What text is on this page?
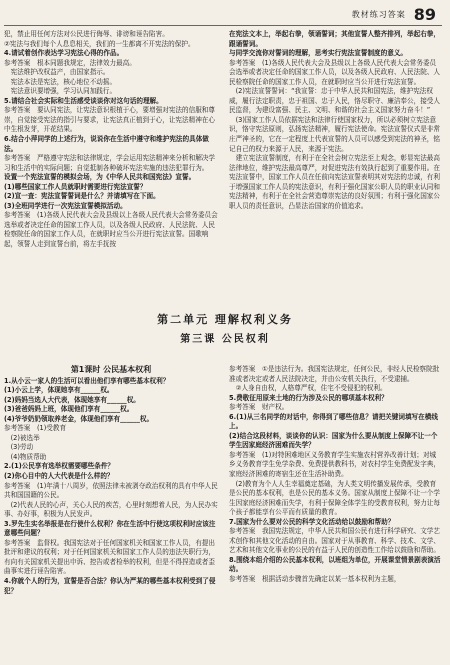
教材练习答案 89

犯，禁止用任何方法对公民进行侮辱、诽谤和诬告陷害。

②宪法与我们每个人息息相关，我们的一生都离不开宪法的保护。

4.请试着创作表达学习宪法心得的作品。

参考答案　根本同题我规定，法律效力最高。

　宪法维护改权益产，由国家指示。

　宪法本法是宪法，核心地位不动摇。

　宪法意识要增强，学习认同加践行。

5.请结合社会实际和生活感受谈谈你对这句话的理解。

参考答案　要认同宪法，让宪法意识根植于心，要增强对宪法的信服和尊崇，自觉接受宪法的指引与要求，让宪法真正植到于心，让宪法精神在心中生根发芽，开花结果。

6.结合小萍同学的上述行为，说说你在生活中遵守和维护宪法的具体做法。

参考答案　严格遵守宪法和法律规定，学会运用宪法精神来分析和解决学习和生活中的实际问题；自觉抵制各种破坏宪法实施的违法犯罪行为。

设置一个宪法宣誓的模拟会场，为《中华人民共和国宪法》宣誓。

(1)哪些国家工作人员就职时需要进行宪法宣誓？

(2)宣一查：宪法宣誓誓词是什么？并请填写在下面。

(3)全班同学进行一次宪法宣誓模拟活动。

参考答案　(1)各级人民代表大会及县级以上各级人民代表大会常务委员会选举或者决定任命的国家工作人员，以及各级人民政府、人民法院、人民检察院任命的国家工作人员，在就职时应当公开进行宪法宣誓。国歌响起，领誓人走到宣誓台前，将左手抚按

在宪法文本上，举起右拳，领诵誓词；其他宣誓人整齐排列，举起右拳，跟诵誓词。

与同学交流你对誓词的理解，思考实行宪法宣誓制度的意义。

参考答案　(1)各级人民代表大会及县级以上各级人民代表大会常务委员会选举或者决定任命的国家工作人员，以及各级人民政府、人民法院、人民检察院任命的国家工作人员，在就职时应当公开进行宪法宣誓。

　(2)宪法宣誓誓词：“我宣誓：忠于中华人民共和国宪法，维护宪法权威，履行法定职责，忠于祖国、忠于人民，恪尽职守、廉洁奉公，接受人民监督，为建设富强、民主、文明、和谐的社会主义国家努力奋斗！”

　(3)国家工作人员依据宪法和法律行使国家权力，所以必须树立宪法意识，恪守宪法原则，弘扬宪法精神，履行宪法使命。宪法宣誓仪式是非常庄严神圣的，它在一定程度上代表宣誓的人员可以感受到宪法的神圣，铭记自己的权力来源于人民，来源于宪法。

　建立宪法宣誓制度，有利于在全社会树立宪法至上观念，彰显宪法最高法律地位，维护宪法最高尊严，对促进宪法有效执行起到了重要作用。在宪法宣誓中，国家工作人员在任前向宪法宣誓表明其对宪法的忠诚，有利于增强国家工作人员的宪法意识，有利于强化国家公职人员的职业认同和宪法精神，有利于在全社会营造尊崇宪法的良好氛围；有利于强化国家公职人员的责任意识，凸显法治国家的价值追求。

第二单元 理解权利义务
第三课 公民权利
第1课时 公民基本权利

1.从小云一家人的生活可以看出他们享有哪些基本权利？

(1)小云上学，体现她享有______权。

(2)妈妈当选人大代表，体现她享有______权。

(3)爸爸妈妈上班，体现他们享有______权。

(4)爷爷奶奶领取养老金，体现他们享有______权。

参考答案　(1)受教育

　(2)被选举

　(3)劳动

　(4)物质帮助

2.(1)公民享有选举权需要哪些条件？

(2)你心目中的人大代表是什么样的？

参考答案　(1)年满十八周岁，依照法律未被剥夺政治权利的具有中华人民共和国国籍的公民。

　(2)代表人民的心声，关心人民的疾苦，心里时刻想着人民，为人民办实事、办好事，积极为人民发声。

3.罗先生实名举报是在行使什么权利？你在生活中行使这项权利时应该注意哪些问题？

参考答案　监督权。我国宪法对于任何国家机关和国家工作人员，有提出批评和建议的权利；对于任何国家机关和国家工作人员的违法失职行为，有向有关国家机关提出申诉、控告或者检举的权利，但是不得捏造或者歪曲事实进行诬告陷害。

4.你就个人的行为，宣誓是否合法？你认为严某的哪些基本权利受到了侵犯？

参考答案　①是违法行为。我国宪法规定，任何公民，非经人民检察院批准或者决定或者人民法院决定，并由公安机关执行，不受逮捕。

　②人身自由权，人格尊严权，住宅不受侵犯的权利。

5.费敬征用原来土地的行为涉及公民的哪项基本权利？

参考答案　财产权。

6.(1)从三名同学的对话中，你得到了哪些信息？请把关键词填写在横线上。

(2)结合这段材料，谈谈你的认识：国家为什么要从制度上保障不让一个学生因家庭经济困难而失学？

参考答案　(1)对特困难地区义务教育学生实施农村营养改善计划；对城乡义务教育学生免学杂费、免费提供教科书，对农村学生免费配发字典，家庭经济困难的寄宿生还在生活补助费。

　(2)教育为个人人生幸福奠定基础，为人类文明传播发展传承，受教育是公民的基本权利，也是公民的基本义务。国家从制度上保障不让一个学生因家庭经济困难而失学，有利于保障全体学生的受教育权利，努力让每个孩子都能享有公平而有质量的教育。

7.国家为什么要对公民的科学文化活动给以鼓励和帮助？

参考答案　我国宪法规定，中华人民共和国公民有进行科学研究、文学艺术创作和其他文化活动的自由。国家对于从事教育、科学、技术、文学、艺术和其他文化事业的公民的有益于人民的创造性工作给以鼓励和帮助。

8.围绕本组介绍的公民基本权利，以班组为单位，开展课堂情景剧表演活动。

参考答案　根据活动步骤首先确定以某一基本权利为主题，
